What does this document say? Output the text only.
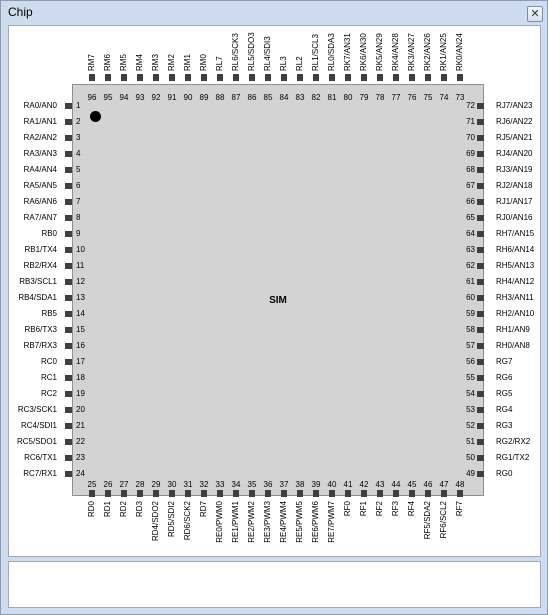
Chip	✕
SIM
1
RA0/AN0
2
RA1/AN1
3
RA2/AN2
4
RA3/AN3
5
RA4/AN4
6
RA5/AN5
7
RA6/AN6
8
RA7/AN7
9
RB0
10
RB1/TX4
11
RB2/RX4
12
RB3/SCL1
13
RB4/SDA1
14
RB5
15
RB6/TX3
16
RB7/RX3
17
RC0
18
RC1
19
RC2
20
RC3/SCK1
21
RC4/SDI1
22
RC5/SDO1
23
RC6/TX1
24
RC7/RX1
72	RJ7/AN23
71	RJ6/AN22
70	RJ5/AN21
69	RJ4/AN20
68	RJ3/AN19
67	RJ2/AN18
66	RJ1/AN17
65	RJ0/AN16
64	RH7/AN15
63	RH6/AN14
62	RH5/AN13
61	RH4/AN12
60	RH3/AN11
59	RH2/AN10
58	RH1/AN9
57	RH0/AN8
56	RG7
55	RG6
54	RG5
53	RG4
52	RG3
51	RG2/RX2
50	RG1/TX2
49	RG0
96
RM7
95
RM6
94
RM5
93
RM4
92
RM3
91
RM2
90
RM1
89
RM0
88
RL7
87
RL6/SCK3
86
RL5/SDO3
85
RL4/SDI3
84
RL3
83
RL2
82
RL1/SCL3
81
RL0/SDA3
80
RK7/AN31
79
RK6/AN30
78
RK5/AN29
77
RK4/AN28
76
RK3/AN27
75
RK2/AN26
74
RK1/AN25
73
RK0/AN24
25
RD0
26
RD1
27
RD2
28
RD3
29
RD4/SDO2
30
RD5/SDI2
31
RD6/SCK2
32
RD7
33
RE0/PWM0
34
RE1/PWM1
35
RE2/PWM2
36
RE3/PWM3
37
RE4/PWM4
38
RE5/PWM5
39
RE6/PWM6
40
RE7/PWM7
41
RF0
42
RF1
43
RF2
44
RF3
45
RF4
46
RF5/SDA2
47
RF6/SCL2
48
RF7
